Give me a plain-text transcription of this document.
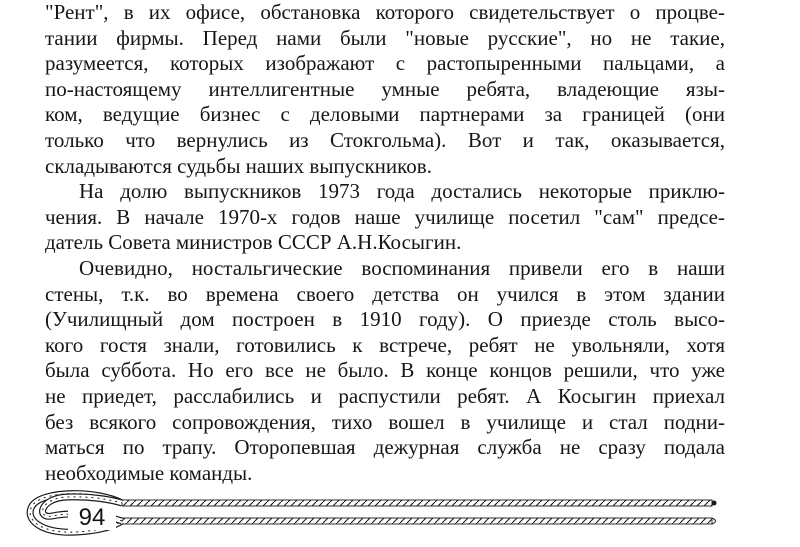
"Рент", в их офисе, обстановка которого свидетельствует о процве-
тании фирмы. Перед нами были "новые русские", но не такие,
разумеется, которых изображают с растопыренными пальцами, а
по-настоящему интеллигентные умные ребята, владеющие язы-
ком, ведущие бизнес с деловыми партнерами за границей (они
только что вернулись из Стокгольма). Вот и так, оказывается,
складываются судьбы наших выпускников.
На долю выпускников 1973 года достались некоторые приклю-
чения. В начале 1970-х годов наше училище посетил "сам" предсе-
датель Совета министров СССР А.Н.Косыгин.
Очевидно, ностальгические воспоминания привели его в наши
стены, т.к. во времена своего детства он учился в этом здании
(Училищный дом построен в 1910 году). О приезде столь высо-
кого гостя знали, готовились к встрече, ребят не увольняли, хотя
была суббота. Но его все не было. В конце концов решили, что уже
не приедет, расслабились и распустили ребят. А Косыгин приехал
без всякого сопровождения, тихо вошел в училище и стал подни-
маться по трапу. Оторопевшая дежурная служба не сразу подала
необходимые команды.
94
